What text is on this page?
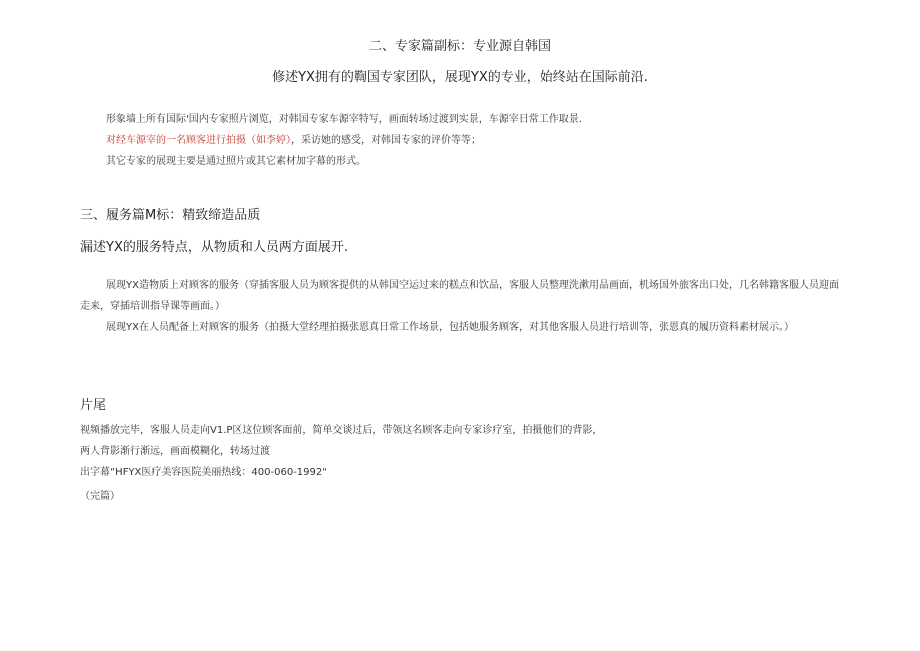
二、专家篇副标：专业源自韩国
修述YX拥有的鞫国专家团队，展现YX的专业，始终站在国际前沿.
形象墙上所有国际'国内专家照片浏览，对韩国专家车源宰特写，画面转场过渡到实景，车源宰日常工作取景.
对经车源宰的一名顾客进行拍摄（如李婷），采访她的感受，对韩国专家的评价等等；
其它专家的展现主要是通过照片或其它素材加字幕的形式。
三、履务篇M标：精致缔造品质
漏述YX的服务特点，从物质和人员两方面展开.
展现YX造物质上对顾客的服务（穿插客服人员为顾客提供的从韩国空运过来的糕点和饮品，客服人员整理洗漱用品画面，机场国外旅客出口处，几名韩籍客服人员迎面走来，穿插培训指导课等画面。）
展现YX在人员配备上对顾客的服务（拍摄大堂经理拍摄张恩真日常工作场景，包括她服务顾客，对其他客服人员进行培训等，张恩真的履历资料素材展示。）
片尾
视频播放完毕，客服人员走向V1.P区这位顾客面前，简单交谈过后，带领这名顾客走向专家诊疗室，拍摄他们的背影，
两人背影渐行渐远，画面模糊化，转场过渡
出字幕“HFYX医疗美容医院美丽热线：400-060-1992"
（完篇）
